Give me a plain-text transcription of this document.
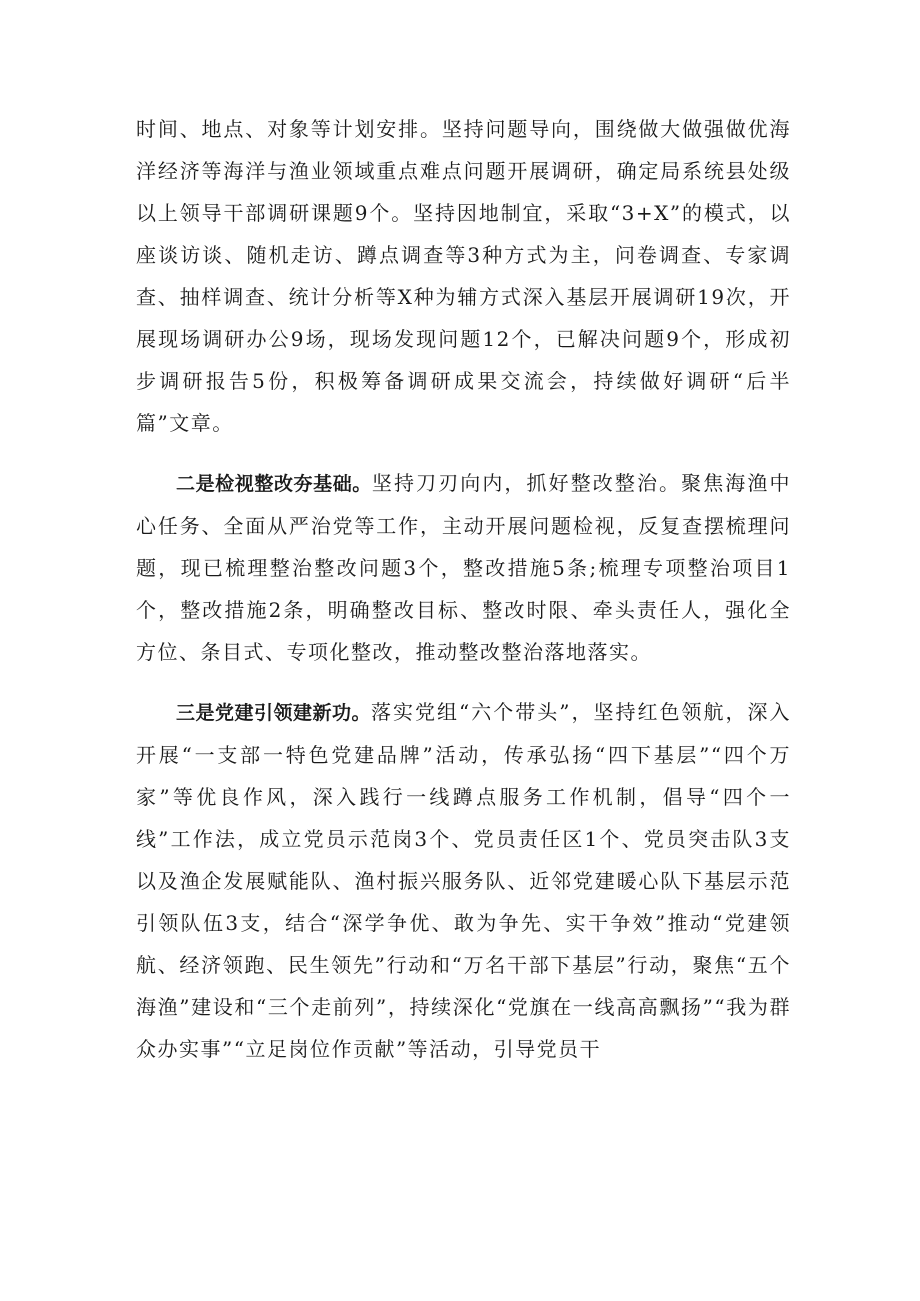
时间、地点、对象等计划安排。坚持问题导向，围绕做大做强做优海洋经济等海洋与渔业领域重点难点问题开展调研，确定局系统县处级以上领导干部调研课题9个。坚持因地制宜，采取“3+X”的模式，以座谈访谈、随机走访、蹲点调查等3种方式为主，问卷调查、专家调查、抽样调查、统计分析等X种为辅方式深入基层开展调研19次，开展现场调研办公9场，现场发现问题12个，已解决问题9个，形成初步调研报告5份，积极筹备调研成果交流会，持续做好调研“后半篇”文章。

二是检视整改夯基础。坚持刀刃向内，抓好整改整治。聚焦海渔中心任务、全面从严治党等工作，主动开展问题检视，反复查摆梳理问题，现已梳理整治整改问题3个，整改措施5条;梳理专项整治项目1个，整改措施2条，明确整改目标、整改时限、牵头责任人，强化全方位、条目式、专项化整改，推动整改整治落地落实。

三是党建引领建新功。落实党组“六个带头”，坚持红色领航，深入开展“一支部一特色党建品牌”活动，传承弘扬“四下基层”“四个万家”等优良作风，深入践行一线蹲点服务工作机制，倡导“四个一线”工作法，成立党员示范岗3个、党员责任区1个、党员突击队3支以及渔企发展赋能队、渔村振兴服务队、近邻党建暖心队下基层示范引领队伍3支，结合“深学争优、敢为争先、实干争效”推动“党建领航、经济领跑、民生领先”行动和“万名干部下基层”行动，聚焦“五个海渔”建设和“三个走前列”，持续深化“党旗在一线高高飘扬”“我为群众办实事”“立足岗位作贡献”等活动，引导党员干
